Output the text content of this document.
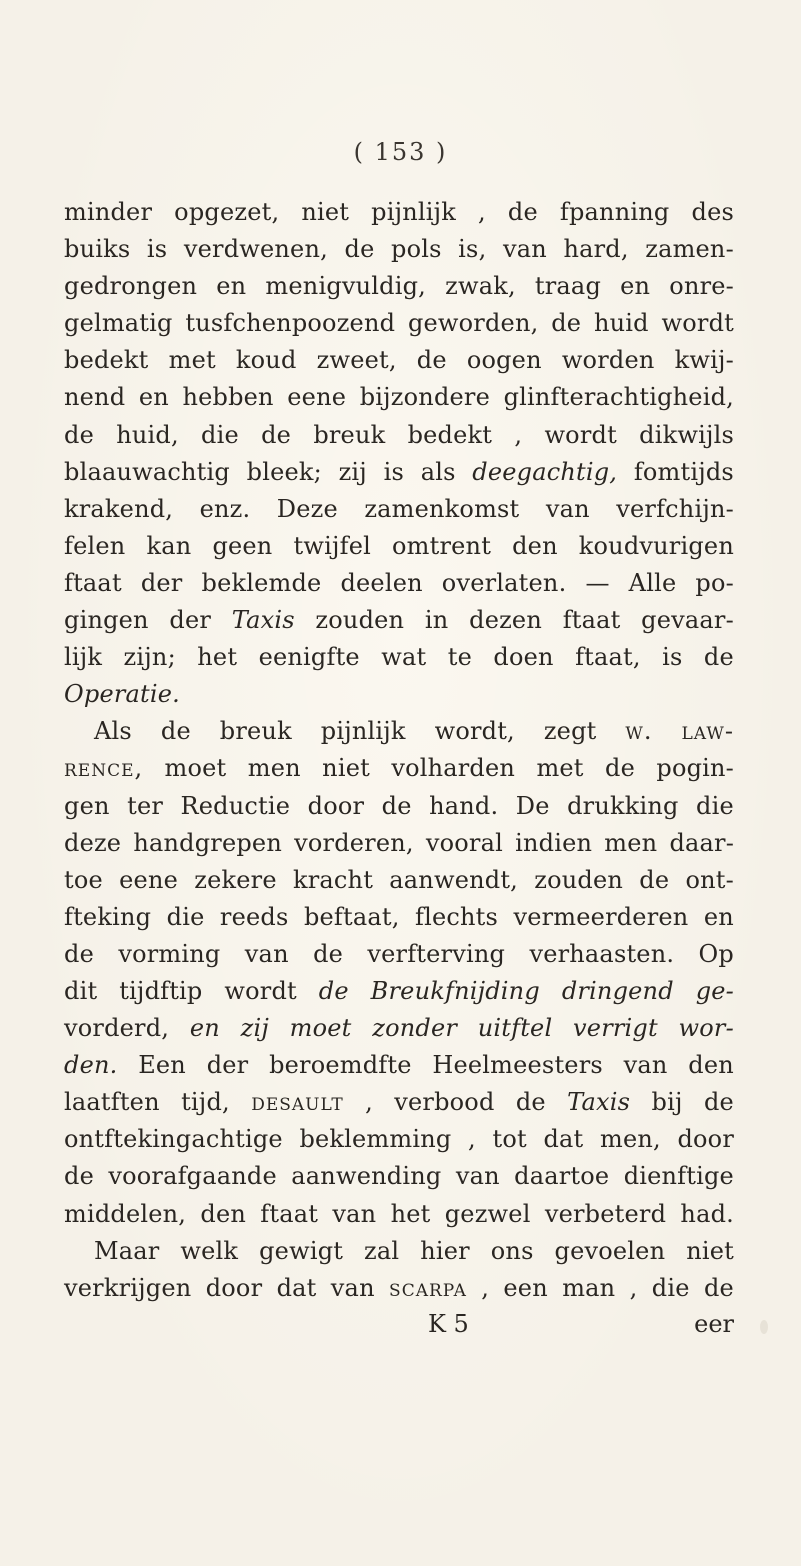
( 153 )
minder opgezet, niet pijnlijk , de fpanning des
buiks is verdwenen, de pols is, van hard, zamen-
gedrongen en menigvuldig, zwak, traag en onre-
gelmatig tusfchenpoozend geworden, de huid wordt
bedekt met koud zweet, de oogen worden kwij-
nend en hebben eene bijzondere glinfterachtigheid,
de huid, die de breuk bedekt , wordt dikwijls
blaauwachtig bleek; zij is als deegachtig, fomtijds
krakend, enz. Deze zamenkomst van verfchijn-
felen kan geen twijfel omtrent den koudvurigen
ftaat der beklemde deelen overlaten. — Alle po-
gingen der Taxis zouden in dezen ftaat gevaar-
lijk zijn; het eenigfte wat te doen ftaat, is de
Operatie.
Als de breuk pijnlijk wordt, zegt w. law-
rence, moet men niet volharden met de pogin-
gen ter Reductie door de hand. De drukking die
deze handgrepen vorderen, vooral indien men daar-
toe eene zekere kracht aanwendt, zouden de ont-
fteking die reeds beftaat, flechts vermeerderen en
de vorming van de verfterving verhaasten. Op
dit tijdftip wordt de Breukfnijding dringend ge-
vorderd, en zij moet zonder uitftel verrigt wor-
den. Een der beroemdfte Heelmeesters van den
laatften tijd, desault , verbood de Taxis bij de
ontftekingachtige beklemming , tot dat men, door
de voorafgaande aanwending van daartoe dienftige
middelen, den ftaat van het gezwel verbeterd had.
Maar welk gewigt zal hier ons gevoelen niet
verkrijgen door dat van scarpa , een man , die de
K 5	eer
